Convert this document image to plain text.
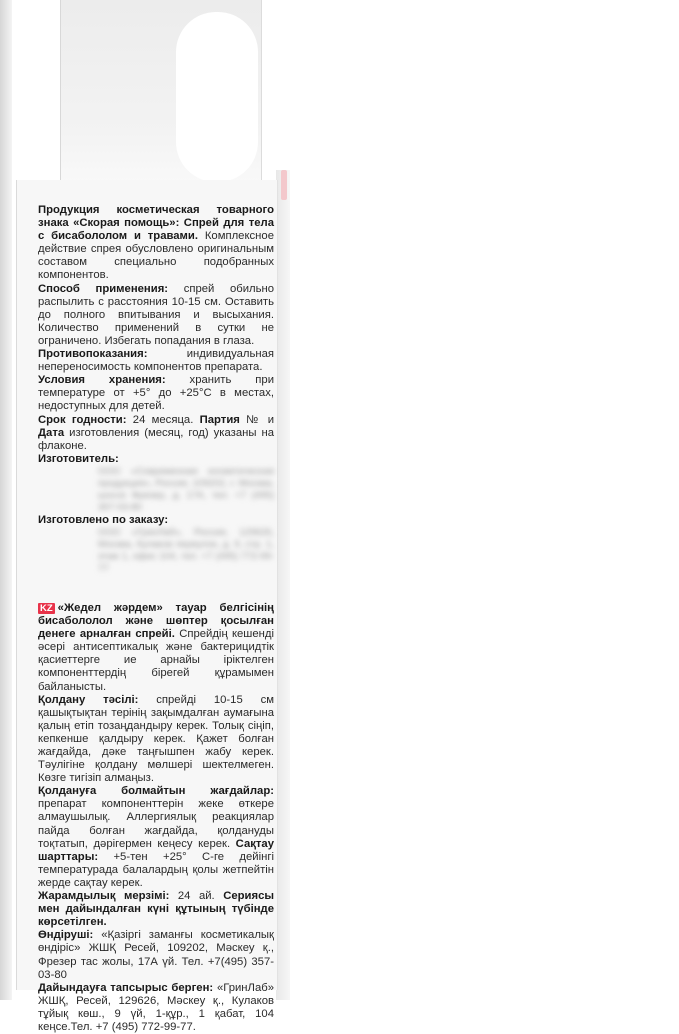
Продукция косметическая товарного знака «Скорая помощь»: Спрей для тела с бисабололом и травами. Комплексное действие спрея обусловлено оригинальным составом специально подобранных компонентов.

Способ применения: спрей обильно распылить с расстояния 10-15 см. Оставить до полного впитывания и высыхания. Количество применений в сутки не ограничено. Избегать попадания в глаза.

Противопоказания:	индивидуальная непереносимость компонентов препарата.

Условия хранения: хранить при температуре от +5° до +25°С в местах, недоступных для детей.

Срок годности: 24 месяца. Партия № и Дата изготовления (месяц, год) указаны на флаконе.

Изготовитель:
ООО «Современная косметическая продукция», Россия, 109202, г. Москва, шоссе Фрезер, д. 17А, тел. +7 (495) 357-03-80

Изготовлено по заказу:
ООО «ГринЛаб», Россия, 129626, Москва, Кулаков переулок, д. 9, стр. 1, этаж 1, офис 104, тел. +7 (495) 772-99-77

KZ «Жедел жәрдем» тауар белгісінің бисабололол және шөптер қосылған денеге арналған спрейі. Спрейдің кешенді әсері антисептикалық және бактерицидтік қасиеттерге ие арнайы іріктелген компоненттердің бірегей құрамымен байланысты.

Қолдану тәсілі: спрейді 10-15 см қашықтықтан терінің зақымдалған аумағына қалың етіп тозаңдандыру керек. Толық сіңіп, кепкенше қалдыру керек. Қажет болған жағдайда, дәке таңғышпен жабу керек. Тәулігіне қолдану мөлшері шектелмеген. Көзге тигізіп алмаңыз.

Қолдануға болмайтын жағдайлар: препарат компоненттерін жеке өткере алмаушылық. Аллергиялық реакциялар пайда болған жағдайда, қолдануды тоқтатып, дәрігермен кеңесу керек. Сақтау шарттары: +5-тен +25° С-ге дейінгі температурада балалардың қолы жетпейтін жерде сақтау керек.

Жарамдылық мерзімі: 24 ай. Сериясы мен дайындалған күні құтының түбінде көрсетілген.

Өндіруші: «Қазіргі заманғы косметикалық өндіріс» ЖШҚ Ресей, 109202, Мәскеу қ., Фрезер тас жолы, 17А үй. Тел. +7(495) 357-03-80

Дайындауға тапсырыс берген: «ГринЛаб» ЖШҚ, Ресей, 129626, Мәскеу қ., Кулаков тұйық көш., 9 үй, 1-құр., 1 қабат, 104 кеңсе.Тел. +7 (495) 772-99-77.
